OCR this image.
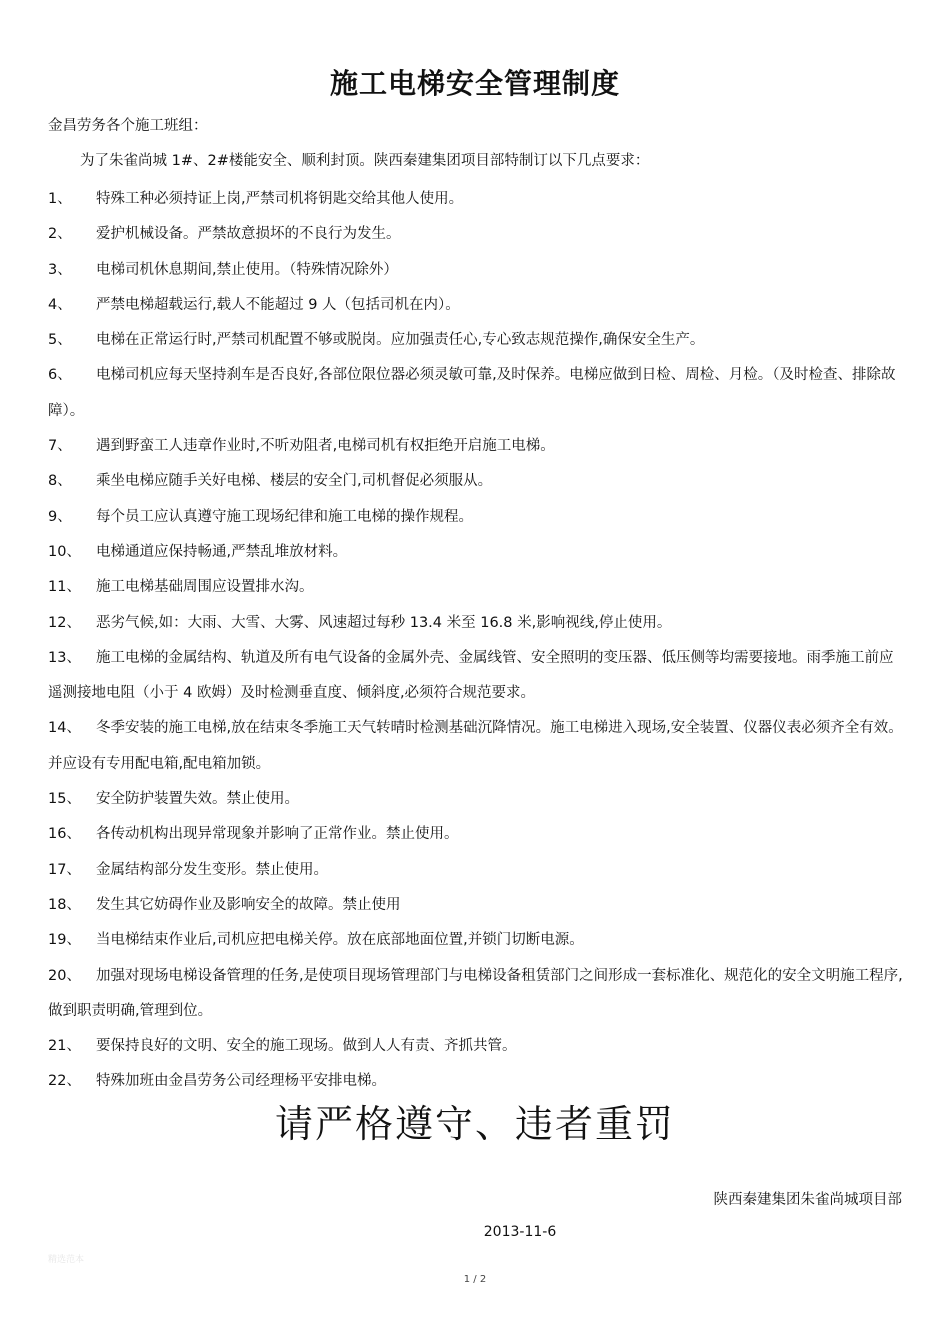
施工电梯安全管理制度
金昌劳务各个施工班组：
为了朱雀尚城 1#、2#楼能安全、顺利封顶。陕西秦建集团项目部特制订以下几点要求：
1、	特殊工种必须持证上岗,严禁司机将钥匙交给其他人使用。
2、	爱护机械设备。严禁故意损坏的不良行为发生。
3、	电梯司机休息期间,禁止使用。（特殊情况除外）
4、	严禁电梯超载运行,载人不能超过 9 人（包括司机在内）。
5、	电梯在正常运行时,严禁司机配置不够或脱岗。应加强责任心,专心致志规范操作,确保安全生产。
6、	电梯司机应每天坚持刹车是否良好,各部位限位器必须灵敏可靠,及时保养。电梯应做到日检、周检、月检。（及时检查、排除故障）。
7、	遇到野蛮工人违章作业时,不听劝阻者,电梯司机有权拒绝开启施工电梯。
8、	乘坐电梯应随手关好电梯、楼层的安全门,司机督促必须服从。
9、	每个员工应认真遵守施工现场纪律和施工电梯的操作规程。
10、	电梯通道应保持畅通,严禁乱堆放材料。
11、	施工电梯基础周围应设置排水沟。
12、	恶劣气候,如：大雨、大雪、大雾、风速超过每秒 13.4 米至 16.8 米,影响视线,停止使用。
13、	施工电梯的金属结构、轨道及所有电气设备的金属外壳、金属线管、安全照明的变压器、低压侧等均需要接地。雨季施工前应遥测接地电阻（小于 4 欧姆）及时检测垂直度、倾斜度,必须符合规范要求。
14、	冬季安装的施工电梯,放在结束冬季施工天气转晴时检测基础沉降情况。施工电梯进入现场,安全装置、仪器仪表必须齐全有效。并应设有专用配电箱,配电箱加锁。
15、	安全防护装置失效。禁止使用。
16、	各传动机构出现异常现象并影响了正常作业。禁止使用。
17、	金属结构部分发生变形。禁止使用。
18、	发生其它妨碍作业及影响安全的故障。禁止使用
19、	当电梯结束作业后,司机应把电梯关停。放在底部地面位置,并锁门切断电源。
20、	加强对现场电梯设备管理的任务,是使项目现场管理部门与电梯设备租赁部门之间形成一套标准化、规范化的安全文明施工程序,做到职责明确,管理到位。
21、	要保持良好的文明、安全的施工现场。做到人人有责、齐抓共管。
22、	特殊加班由金昌劳务公司经理杨平安排电梯。
请严格遵守、违者重罚
陕西秦建集团朱雀尚城项目部
2013-11-6
精选范本
1 / 2
